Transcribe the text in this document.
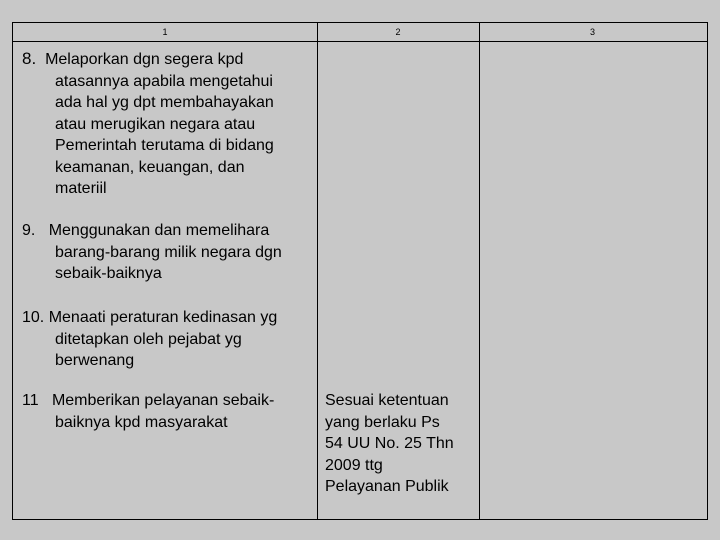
1	2	3
8. Melaporkan dgn segera kpd
atasannya apabila mengetahui
ada hal yg dpt membahayakan
atau merugikan negara atau
Pemerintah terutama di bidang
keamanan, keuangan, dan
materiil
9. Menggunakan dan memelihara
barang-barang milik negara dgn
sebaik-baiknya
10. Menaati peraturan kedinasan yg
ditetapkan oleh pejabat yg
berwenang
11 Memberikan pelayanan sebaik-
baiknya kpd masyarakat
Sesuai ketentuan
yang berlaku Ps
54 UU No. 25 Thn
2009 ttg
Pelayanan Publik
